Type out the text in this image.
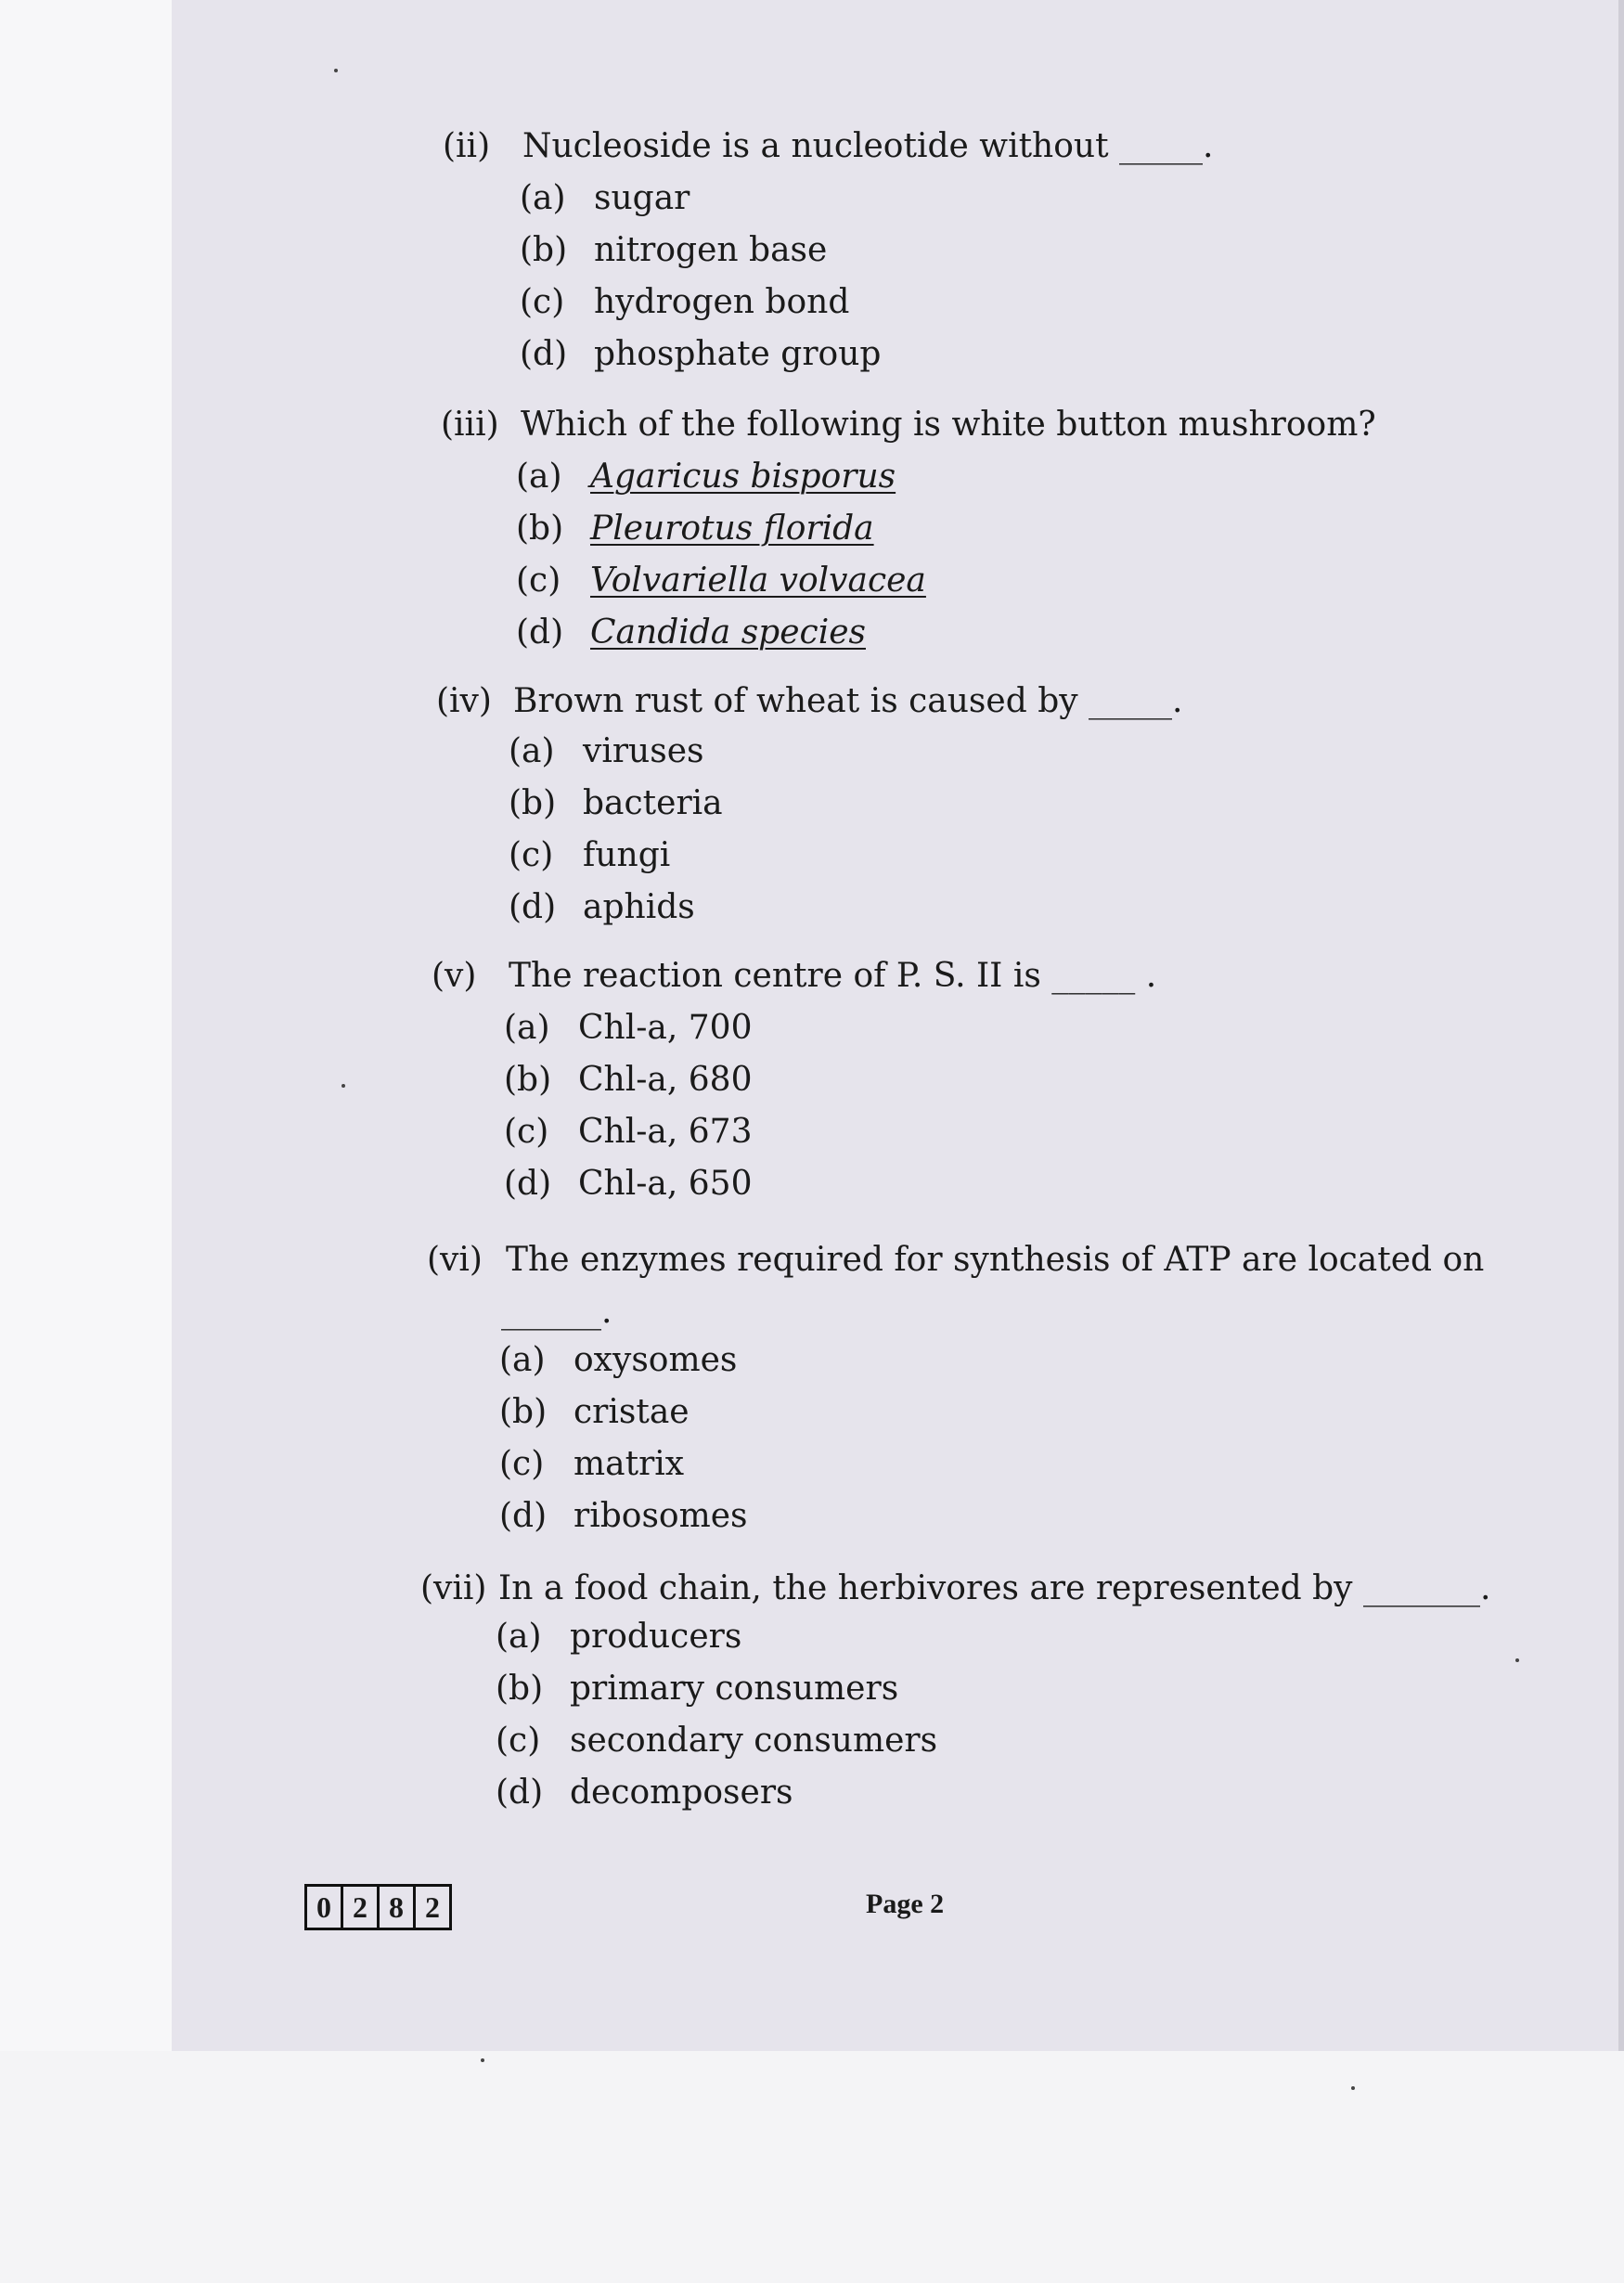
(ii) Nucleoside is a nucleotide without _____.
(a) sugar
(b) nitrogen base
(c) hydrogen bond
(d) phosphate group
(iii) Which of the following is white button mushroom?
(a) Agaricus bisporus
(b) Pleurotus florida
(c) Volvariella volvacea
(d) Candida species
(iv) Brown rust of wheat is caused by _____.
(a) viruses
(b) bacteria
(c) fungi
(d) aphids
(v) The reaction centre of P. S. II is _____ .
(a) Chl-a, 700
(b) Chl-a, 680
(c) Chl-a, 673
(d) Chl-a, 650
(vi) The enzymes required for synthesis of ATP are located on
______.
(a) oxysomes
(b) cristae
(c) matrix
(d) ribosomes
(vii) In a food chain, the herbivores are represented by _______.
(a) producers
(b) primary consumers
(c) secondary consumers
(d) decomposers
0 2 8 2	Page 2
